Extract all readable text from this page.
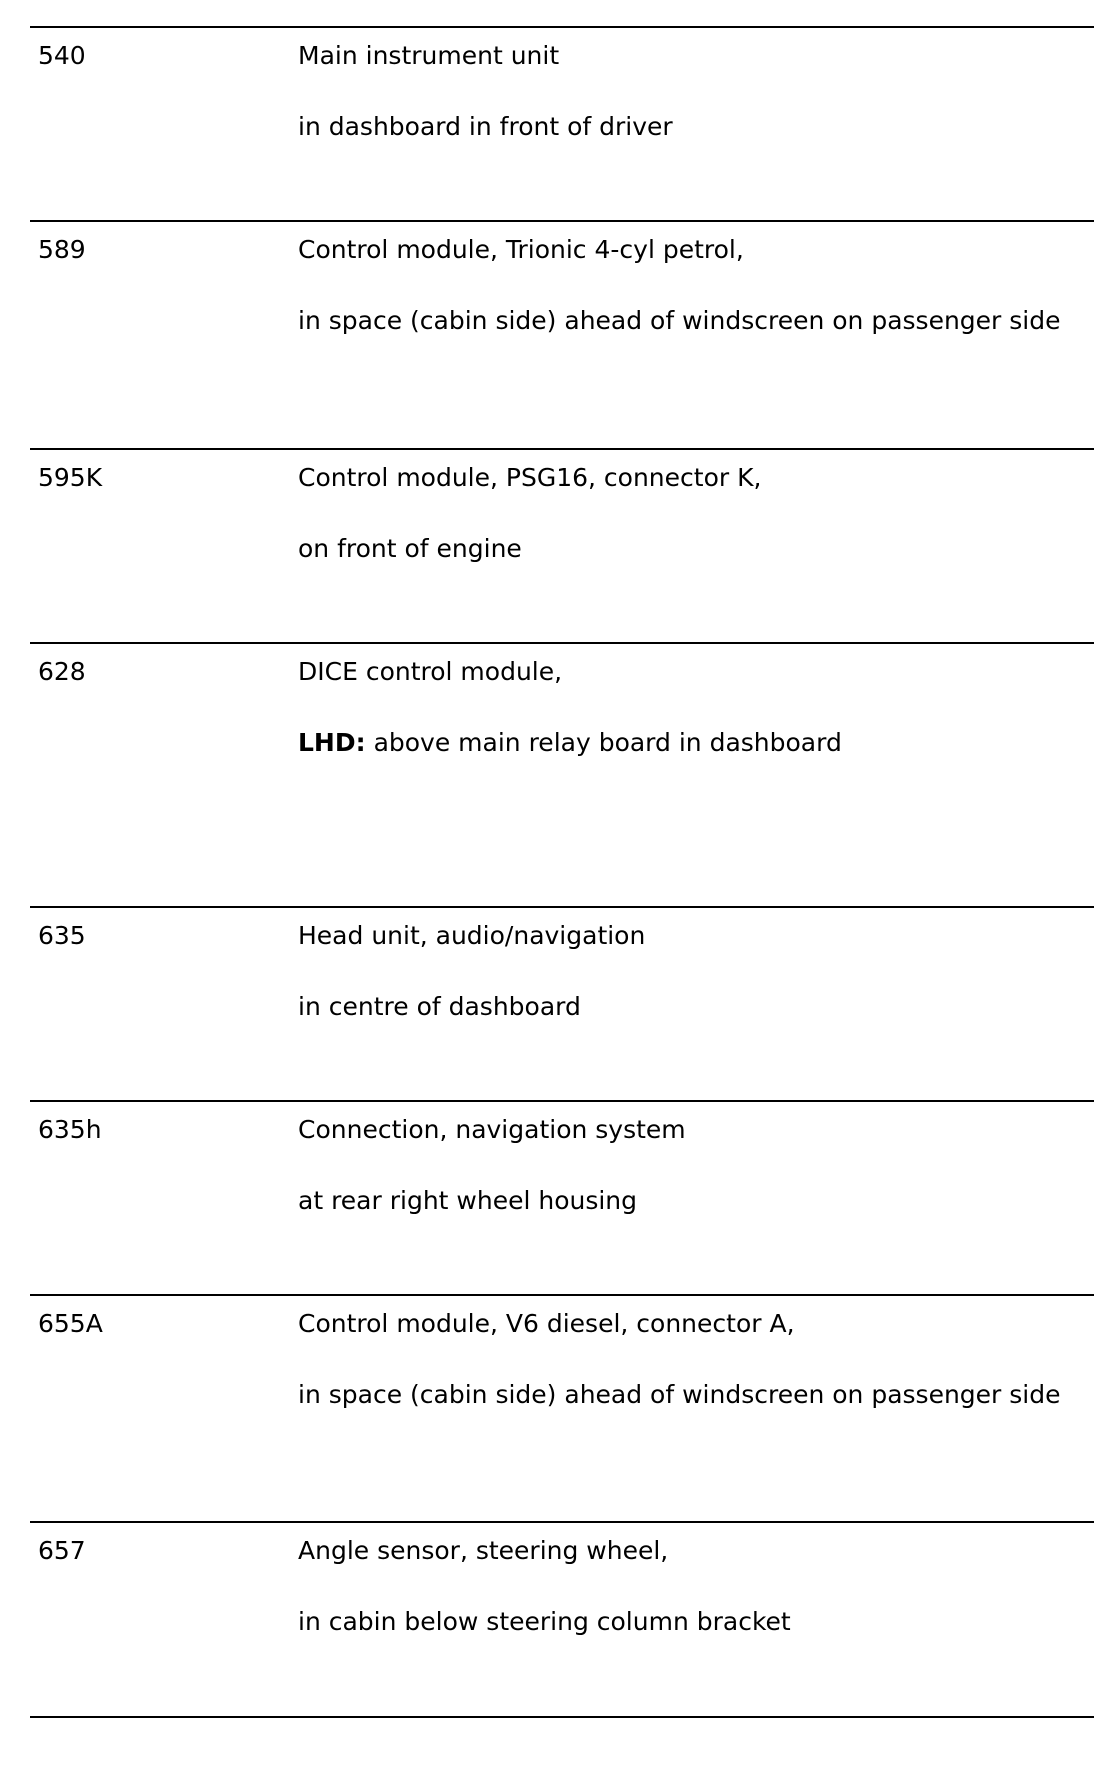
540	Main instrument unit

in dashboard in front of driver

589	Control module, Trionic 4-cyl petrol,

in space (cabin side) ahead of windscreen on passenger side

595K	Control module, PSG16, connector K,

on front of engine

628	DICE control module,

LHD: above main relay board in dashboard

635	Head unit, audio/navigation

in centre of dashboard

635h	Connection, navigation system

at rear right wheel housing

655A	Control module, V6 diesel, connector A,

in space (cabin side) ahead of windscreen on passenger side

657	Angle sensor, steering wheel,

in cabin below steering column bracket
